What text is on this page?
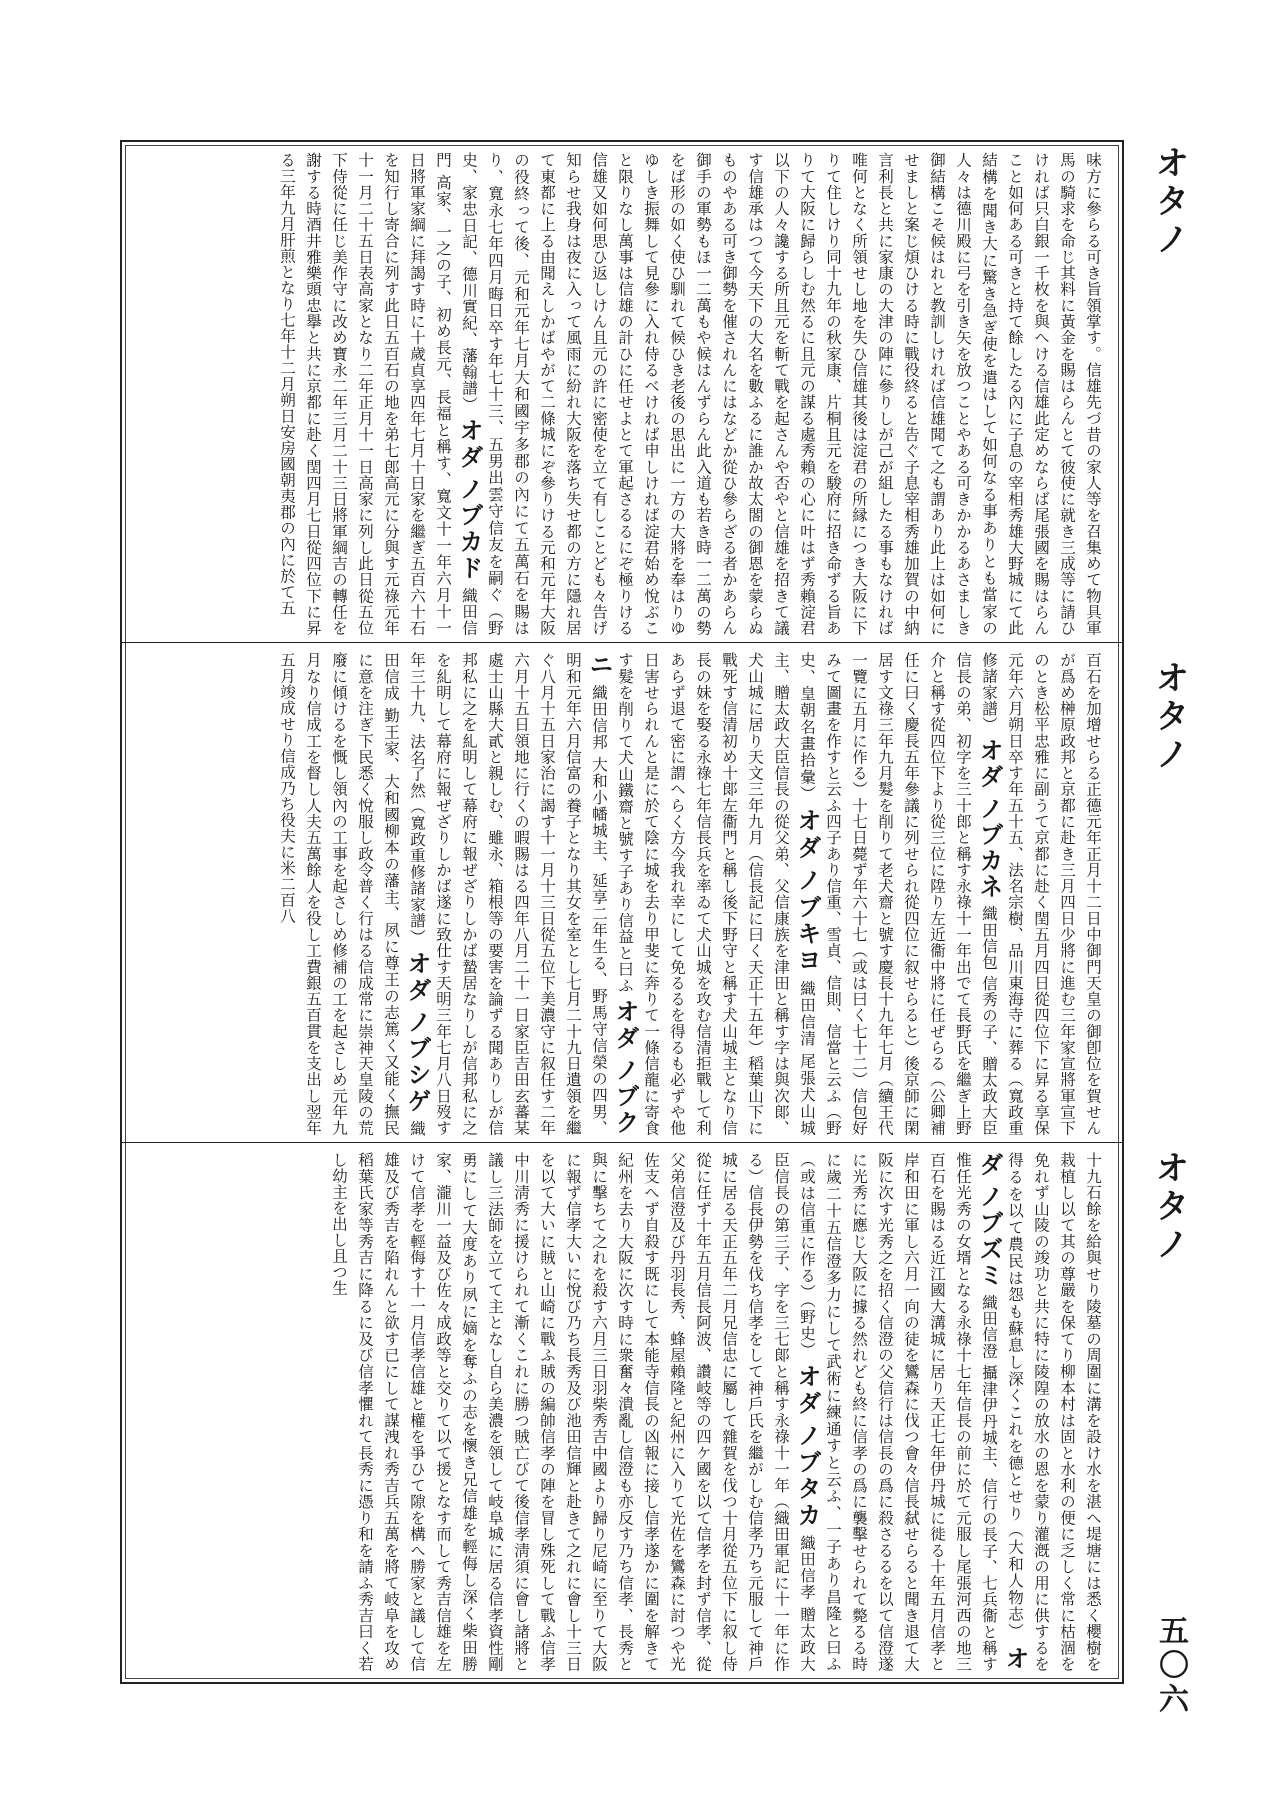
オタノ
オタノ
オタノ
五〇六
味方に參らる可き旨領掌す。信雄先づ昔の家人等を召集めて物具軍馬の騎求を命じ其料に黃金を賜はらんとて彼使に就き三成等に請ひければ只白銀一千枚を與へける信雄此定めならば尾張國を賜はらんこと如何ある可きと持て餘したる內に子息の宰相秀雄大野城にて此結構を聞き大に驚き急ぎ使を遣はして如何なる事ありとも當家の人々は德川殿に弓を引き矢を放つことやある可きかかるあさましき御結構こそ候はれと教訓しければ信雄聞て之も謂あり此上は如何にせましと案じ煩ひける時に戰役終ると告ぐ子息宰相秀雄加賀の中納言利長と共に家康の大津の陣に參りしが己が組したる事もなければ唯何となく所領せし地を失ひ信雄其後は淀君の所縁につき大阪に下りて住しけり同十九年の秋家康、片桐且元を駿府に招き命ずる旨ありて大阪に歸らしむ然るに且元の謀る處秀賴の心に叶はず秀賴淀君以下の人々讒する所且元を斬て戰を起さんや否やと信雄を招きて議す信雄承はつて今天下の大名を數ふるに誰か故太閤の御恩を蒙らぬものやある可き御勢を催されんにはなどか從ひ參らざる者かあらん御手の軍勢もほ一二萬もや候はんずらん此入道も若き時一二萬の勢をば形の如く使ひ馴れて候ひき老後の思出に一方の大將を奉はりゆゆしき振舞して見參に入れ侍るべければ申しければ淀君始め悅ぶこと限りなし萬事は信雄の計ひに任せよとて軍起さるるにぞ極りける信雄又如何思ひ返しけん且元の許に密使を立て有しことども々告げ知らせ我身は夜に入って風雨に紛れ大阪を落ち失せ都の方に隱れ居て東都に上る由聞えしかばやがて二條城にぞ參りける元和元年大阪の役終って後、元和元年七月大和國宇多郡の內にて五萬石を賜はり、寬永七年四月晦日卒す年七十三、五男出雲守信友を嗣ぐ（野史、家忠日記、德川實紀、藩翰譜） オダ ノブカド 織田信門 高家、一之の子、初め長元、長福と稱す、寬文十一年六月十一日將軍家綱に拜謁す時に十歲貞享四年七月十日家を繼ぎ五百六十石を知行し寄合に列す此日五百石の地を弟七郎高元に分與す元祿元年十一月二十五日表高家となり二年正月十一日高家に列し此日從五位下侍從に任じ美作守に改め寶永二年三月二十三日將軍綱吉の轉任を謝する時酒井雅樂頭忠擧と共に京都に赴く閏四月七日從四位下に昇る三年九月肝煎となり七年十二月朔日安房國朝夷郡の內に於て五
百石を加增せらる正德元年正月十二日中御門天皇の御卽位を賀せんが爲め榊原政邦と京都に赴き三月四日少將に進む三年家宣將軍宣下のとき松平忠雅に副うて京都に赴く閏五月四日從四位下に昇る享保元年六月朔日卒す年五十五、法名宗樹、品川東海寺に葬る（寬政重修諸家譜） オダ ノブカネ 織田信包 信秀の子、贈太政大臣信長の弟、初字を三十郎と稱す永祿十一年出でて長野氏を繼ぎ上野介と稱す從四位下より從三位に陞り左近衞中將に任ぜらる（公卿補任に曰く慶長五年參議に列せられ從四位に叙せらると）後京師に閑居す文祿三年九月髮を削りて老犬齋と號す慶長十九年七月（續王代一覽に五月に作る）十七日薨ず年六十七（或は曰く七十二）信包好みて圖畫を作すと云ふ四子あり信重、雪貞、信則、信當と云ふ（野史、皇朝名畫拾彙） オダ ノブキヨ 織田信清 尾張犬山城主、贈太政大臣信長の從父弟、父信康族を津田と稱す字は與次郞、犬山城に居り天文三年九月（信長記に曰く天正十五年）稻葉山下に戰死す信清初め十郞左衞門と稱し後下野守と稱す犬山城主となり信長の妹を娶る永祿七年信長兵を率ゐて犬山城を攻む信清拒戰して利あらず退て密に謂へらく方今我れ幸にして免るるを得るも必ずや他日害せられんと是に於て陰に城を去り甲斐に奔りて一條信龍に寄食す髮を削りて犬山鐵齋と號す子あり信益と曰ふ オダ ノブクニ 織田信邦 大和小幡城主、延享二年生る、野馬守信榮の四男、明和元年六月信富の養子となり其女を室とし七月二十九日遺領を繼ぐ八月十五日家治に謁す十一月十三日從五位下美濃守に叙任す二年六月十五日領地に行くの暇賜はる四年八月二十一日家臣吉田玄蕃某處士山縣大貳と親しむ、雖永、箱根等の要害を論ずる聞ありしが信邦私に之を糺明して幕府に報ぜざりしかば蟄居なりしが信邦私に之を糺明して幕府に報ぜざりしかば遂に致仕す天明三年七月八日歿す年三十九、法名了然（寬政重修諸家譜） オダ ノブシゲ 織田信成 勤王家、大和國柳本の藩主、夙に尊王の志篤く又能く撫民に意を注ぎ下民悉く悅服し政令普く行はる信成常に崇神天皇陵の荒廢に傾けるを慨し領內の工事を起さしめ修補の工を起さしめ元年九月なり信成工を督し人夫五萬餘人を役し工費銀五百貫を支出し翌年五月竣成せり信成乃ち役夫に米二百八
十九石餘を給與せり陵墓の周圍に溝を設け水を湛へ堤塘には悉く櫻樹を栽植し以て其の尊嚴を保てり柳本村は固と水利の便に乏しく常に枯涸を免れず山陵の竣功と共に特に陵隍の放水の恩を蒙り灌漑の用に供するを得るを以て農民は怨も蘇息し深くこれを德とせり（大和人物志） オダ ノブズミ 織田信澄 攝津伊丹城主、信行の長子、七兵衞と稱す惟任光秀の女壻となる永祿十七年信長の前に於て元服し尾張河西の地三百石を賜はる近江國大溝城に居り天正七年伊丹城に徙る十年五月信孝と岸和田に軍し六月一向の徒を鸞森に伐つ會々信長弑せらると聞き退て大阪に次す光秀之を招く信澄の父信行は信長の爲に殺さるるを以て信澄遂に光秀に應じ大阪に據る然れども終に信孝の爲に襲擊せられて斃るる時に歲二十五信澄多力にして武術に練通すと云ふ、一子あり昌隆と曰ふ（或は信重に作る）（野史） オダ ノブタカ 織田信孝 贈太政大臣信長の第三子、字を三七郞と稱す永祿十一年（織田軍記に十一年に作る）信長伊勢を伐ち信孝をして神戶氏を繼がしむ信孝乃ち元服して神戶城に居る天正五年二月兄信忠に屬して雜賀を伐つ十月從五位下に叙し侍從に任ず十年五月信長阿波、讚岐等の四ケ國を以て信孝を封ず信孝、從父弟信澄及び丹羽長秀、蜂屋賴隆と紀州に入りて光佐を鸞森に討つや光佐支へず自殺す既にして本能寺信長の凶報に接し信孝遂かに圍を解きて紀州を去り大阪に次す時に衆奮々潰亂し信澄も亦反す乃ち信孝、長秀と與に擊ちて之れを殺す六月三日羽柴秀吉中國より歸り尼崎に至りて大阪に報ず信孝大いに悅び乃ち長秀及び池田信輝と赴きて之れに會し十三日を以て大いに賊と山崎に戰ふ賊の編帥信孝の陣を冒し殊死して戰ふ信孝中川淸秀に援けられて漸くこれに勝つ賊亡びて後信孝淸須に會し諸將と議し三法師を立てて主となし自ら美濃を領して岐阜城に居る信孝資性剛勇にして大度あり夙に嫡を奪ふの志を懷き兄信雄を輕侮し深く柴田勝家、瀧川一益及び佐々成政等と交りて以て援となす而して秀吉信雄を左けて信孝を輕侮す十一月信孝信雄と權を爭ひて隙を構へ勝家と議して信雄及び秀吉を陷れんと欲す已にして謀洩れ秀吉兵五萬を將て岐阜を攻め稻葉氏家等秀吉に降るに及び信孝懼れて長秀に憑り和を請ふ秀吉曰く若し幼主を出し且つ生
